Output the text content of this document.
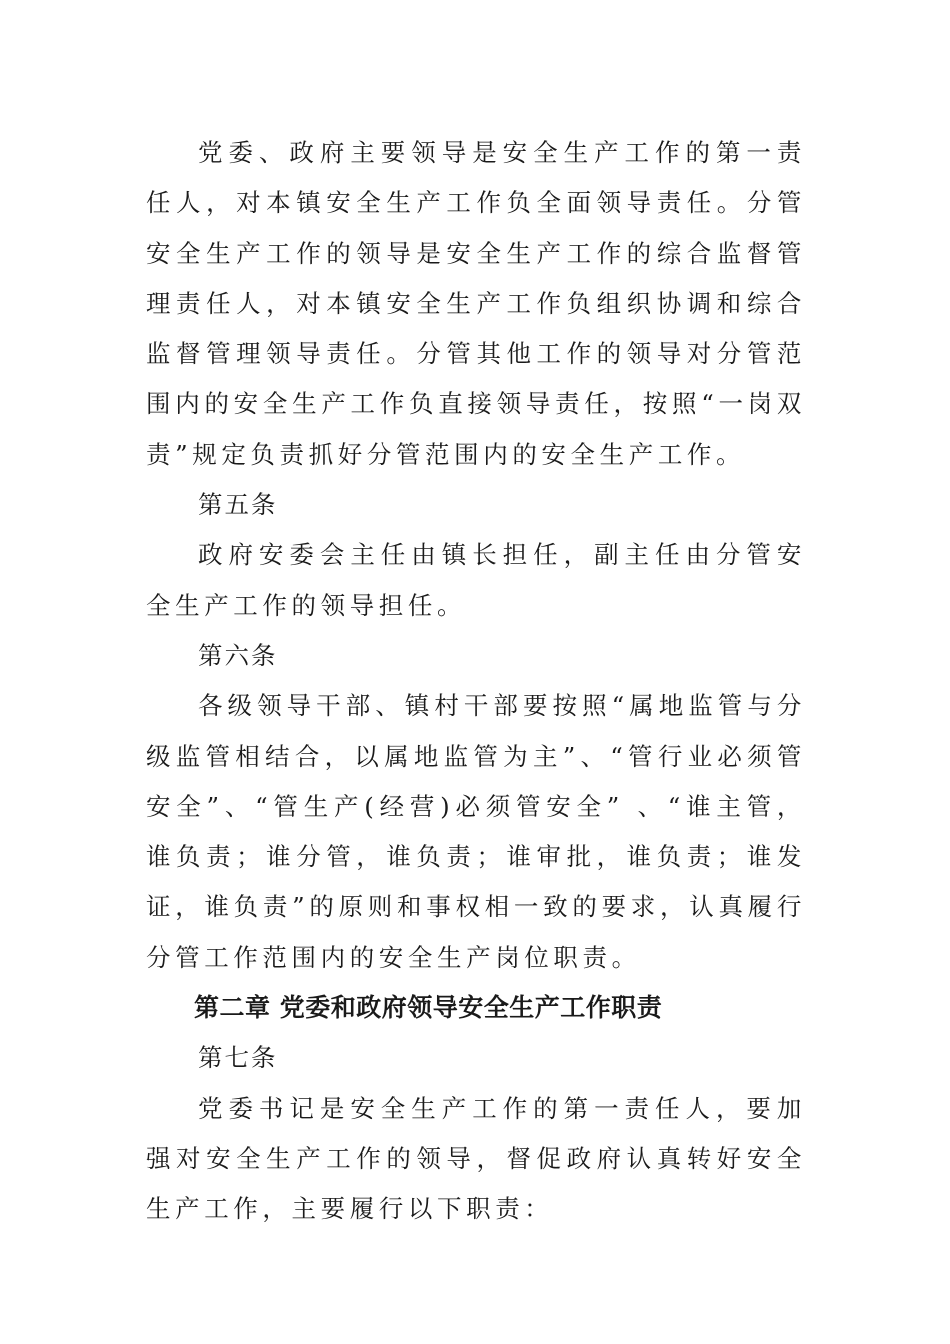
党委、政府主要领导是安全生产工作的第一责任人，对本镇安全生产工作负全面领导责任。分管安全生产工作的领导是安全生产工作的综合监督管理责任人，对本镇安全生产工作负组织协调和综合监督管理领导责任。分管其他工作的领导对分管范围内的安全生产工作负直接领导责任，按照“一岗双责”规定负责抓好分管范围内的安全生产工作。

第五条

政府安委会主任由镇长担任，副主任由分管安全生产工作的领导担任。

第六条

各级领导干部、镇村干部要按照“属地监管与分级监管相结合，以属地监管为主”、“管行业必须管安全”、“管生产(经营)必须管安全” 、“谁主管，谁负责；谁分管，谁负责；谁审批，谁负责；谁发证，谁负责”的原则和事权相一致的要求，认真履行分管工作范围内的安全生产岗位职责。

第二章 党委和政府领导安全生产工作职责

第七条

党委书记是安全生产工作的第一责任人，要加强对安全生产工作的领导，督促政府认真转好安全生产工作，主要履行以下职责：
